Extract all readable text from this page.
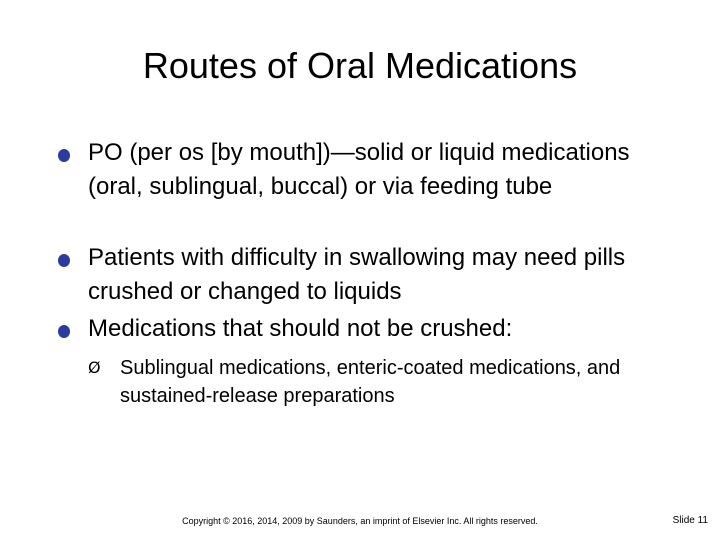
Routes of Oral Medications
PO (per os [by mouth])—solid or liquid medications (oral, sublingual, buccal) or via feeding tube
Patients with difficulty in swallowing may need pills crushed or changed to liquids
Medications that should not be crushed:
Ø Sublingual medications, enteric-coated medications, and sustained-release preparations
Copyright © 2016, 2014, 2009 by Saunders, an imprint of Elsevier Inc. All rights reserved.	Slide 11
